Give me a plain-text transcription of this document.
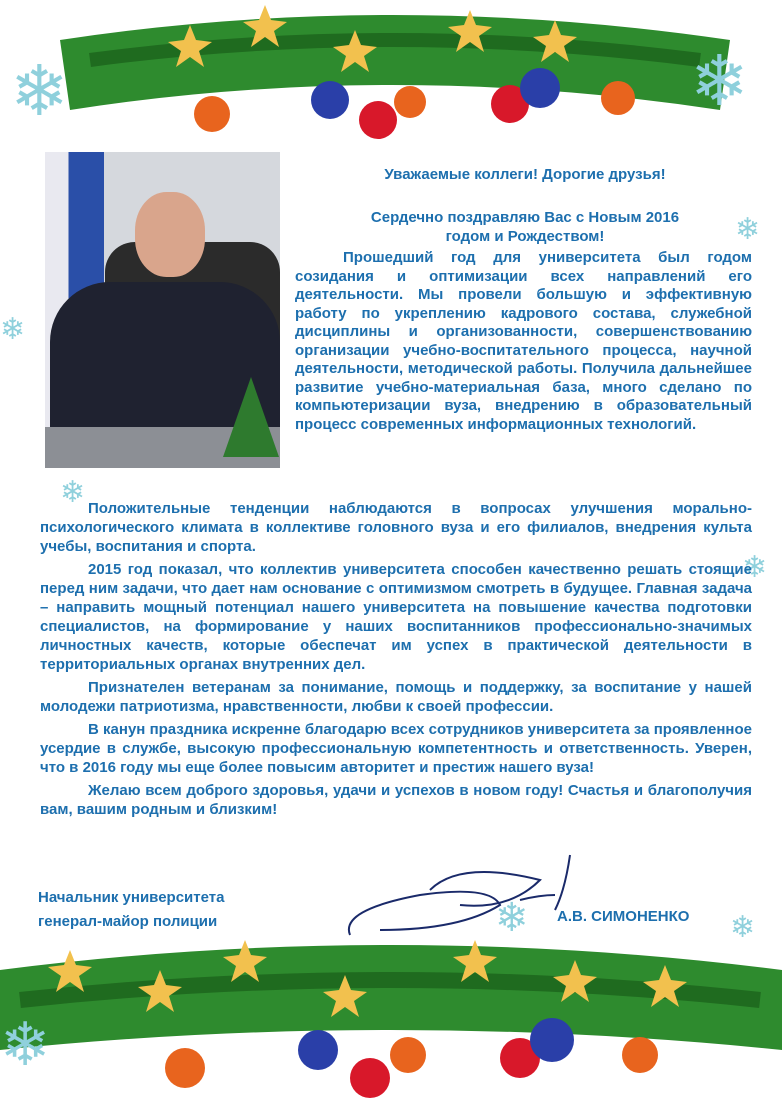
❄	❄
❄
❄
❄
❄
❄
❄
❄
Уважаемые коллеги! Дорогие друзья!
Сердечно поздравляю Вас с Новым 2016
годом и Рождеством!
Прошедший год для университета был годом созидания и оптимизации всех направлений его деятельности. Мы провели большую и эффективную работу по укреплению кадрового состава, служебной дисциплины и организованности, совершенствованию организации учебно-воспитательного процесса, научной деятельности, методической работы. Получила дальнейшее развитие учебно-материальная база, много сделано по компьютеризации вуза, внедрению в образовательный процесс современных информационных технологий.

Положительные тенденции наблюдаются в вопросах улучшения морально-психологического климата в коллективе головного вуза и его филиалов, внедрения культа учебы, воспитания и спорта.

2015 год показал, что коллектив университета способен качественно решать стоящие перед ним задачи, что дает нам основание с оптимизмом смотреть в будущее. Главная задача – направить мощный потенциал нашего университета на повышение качества подготовки специалистов, на формирование у наших воспитанников профессионально-значимых личностных качеств, которые обеспечат им успех в практической деятельности в территориальных органах внутренних дел.

Признателен ветеранам за понимание, помощь и поддержку, за воспитание у нашей молодежи патриотизма, нравственности, любви к своей профессии.

В канун праздника искренне благодарю всех сотрудников университета за проявленное усердие в службе, высокую профессиональную компетентность и ответственность. Уверен, что в 2016 году мы еще более повысим авторитет и престиж нашего вуза!

Желаю всем доброго здоровья, удачи и успехов в новом году! Счастья и благополучия вам, вашим родным и близким!

Начальник университета
генерал-майор полиции	А.В. СИМОНЕНКО
